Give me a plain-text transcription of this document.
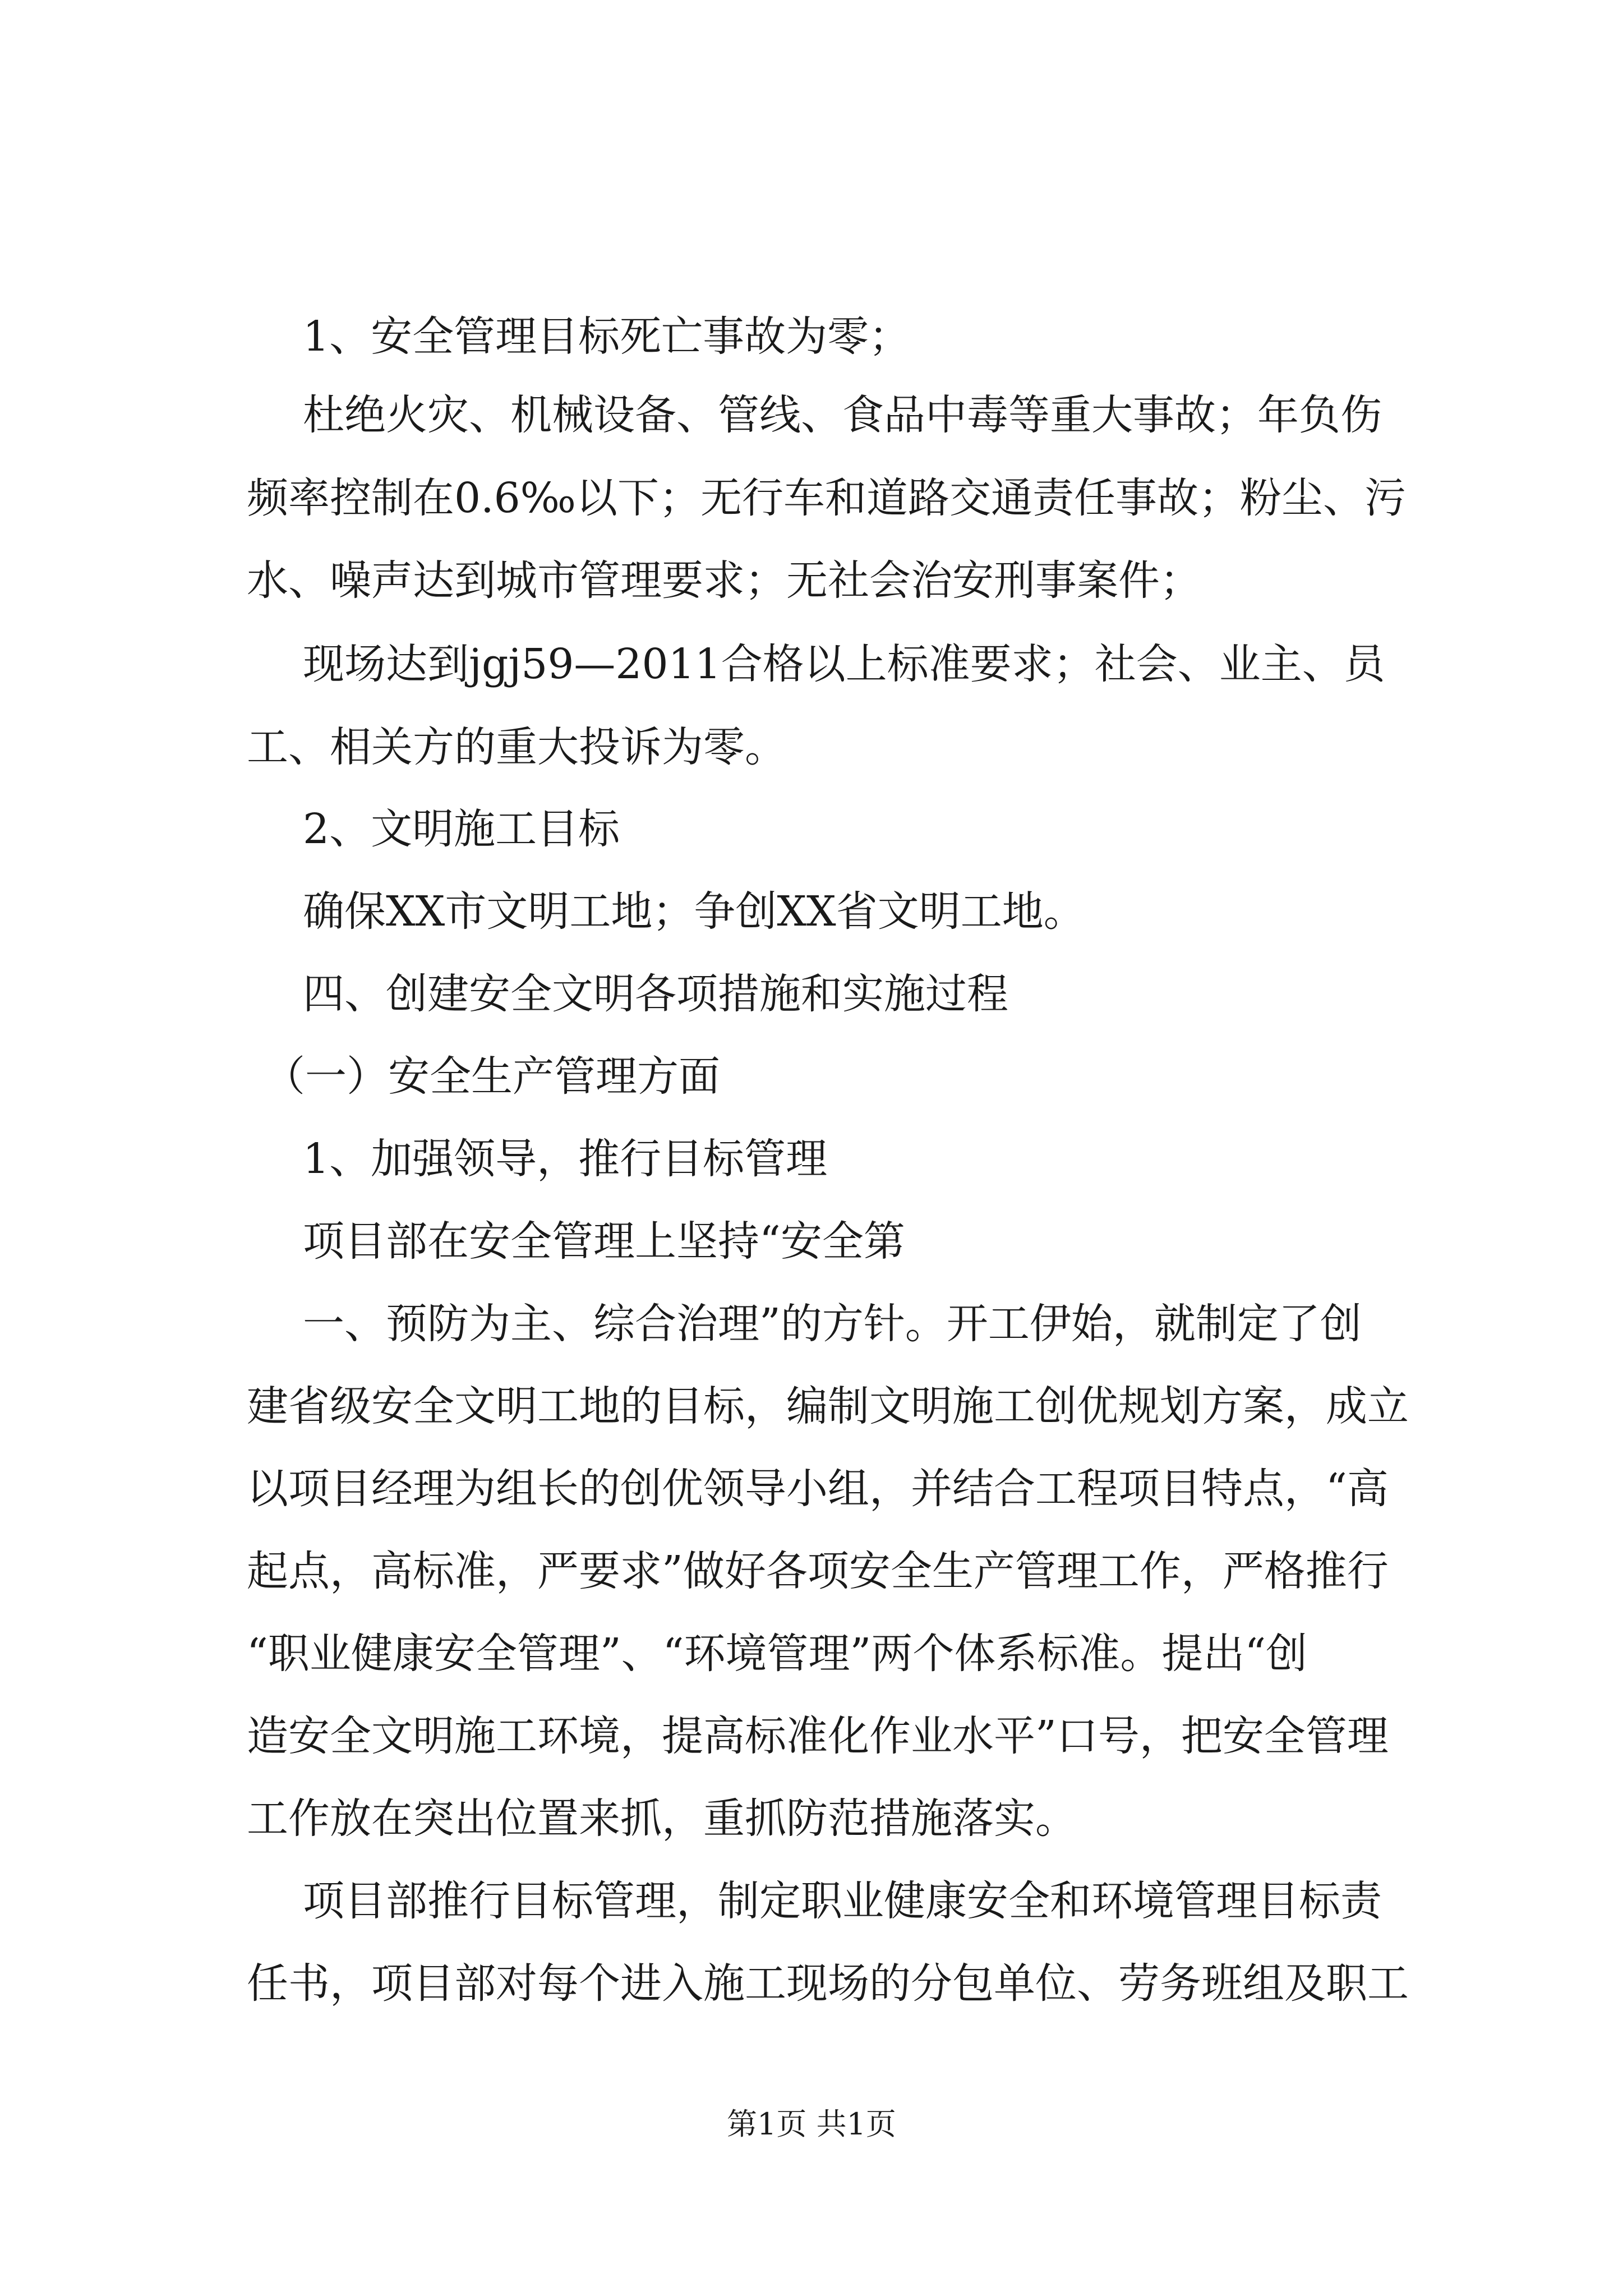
1、安全管理目标死亡事故为零；
杜绝火灾、机械设备、管线、食品中毒等重大事故；年负伤
频率控制在0.6‰以下；无行车和道路交通责任事故；粉尘、污
水、噪声达到城市管理要求；无社会治安刑事案件；
现场达到jgj59—2011合格以上标准要求；社会、业主、员
工、相关方的重大投诉为零。
2、文明施工目标
确保XX市文明工地；争创XX省文明工地。
四、创建安全文明各项措施和实施过程
（一）安全生产管理方面
1、加强领导，推行目标管理
项目部在安全管理上坚持“安全第
一、预防为主、综合治理”的方针。开工伊始，就制定了创
建省级安全文明工地的目标，编制文明施工创优规划方案，成立
以项目经理为组长的创优领导小组，并结合工程项目特点，“高
起点，高标准，严要求”做好各项安全生产管理工作，严格推行
“职业健康安全管理”、“环境管理”两个体系标准。提出“创
造安全文明施工环境，提高标准化作业水平”口号，把安全管理
工作放在突出位置来抓，重抓防范措施落实。
项目部推行目标管理，制定职业健康安全和环境管理目标责
任书，项目部对每个进入施工现场的分包单位、劳务班组及职工
第1页 共1页
